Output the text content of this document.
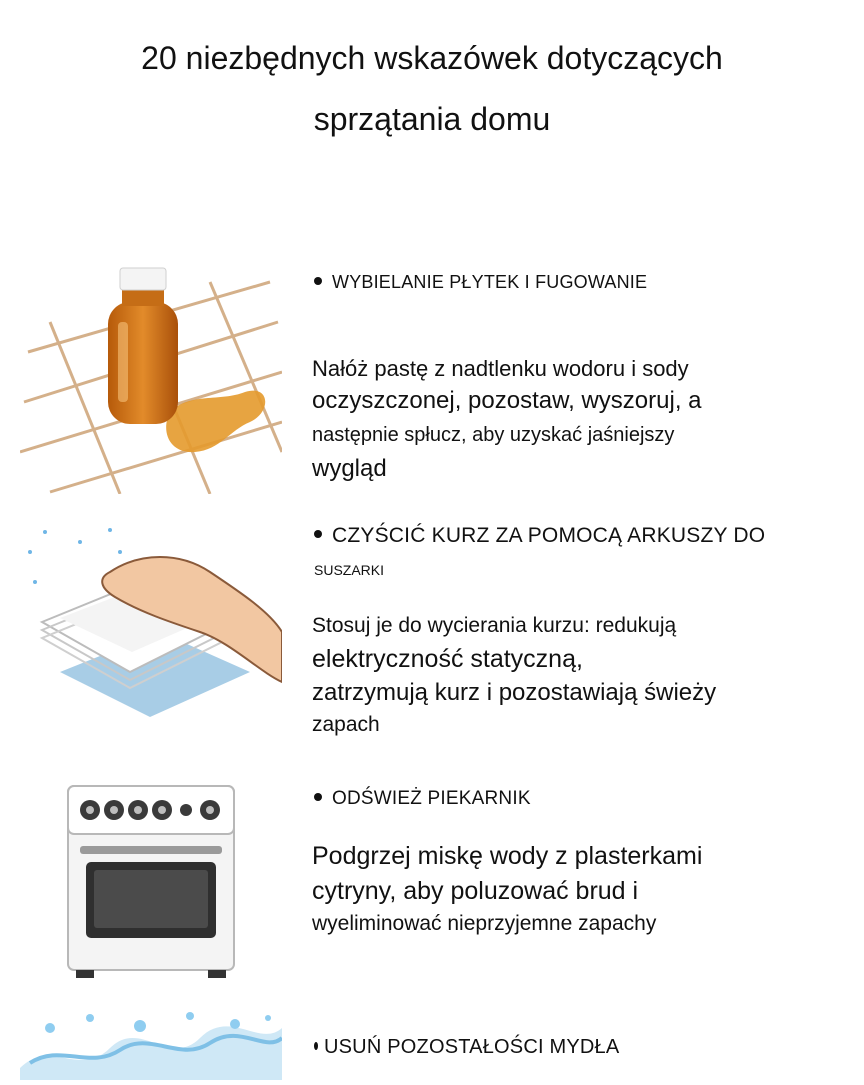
20 niezbędnych wskazówek dotyczących
sprzątania domu
WYBIELANIE PŁYTEK I FUGOWANIE
Nałóż pastę z nadtlenku wodoru i sody
oczyszczonej, pozostaw, wyszoruj, a
następnie spłucz, aby uzyskać jaśniejszy
wygląd
CZYŚCIĆ KURZ ZA POMOCĄ ARKUSZY DO
SUSZARKI
Stosuj je do wycierania kurzu: redukują
elektryczność statyczną,
zatrzymują kurz i pozostawiają świeży
zapach
ODŚWIEŻ PIEKARNIK
Podgrzej miskę wody z plasterkami
cytryny, aby poluzować brud i
wyeliminować nieprzyjemne zapachy
USUŃ POZOSTAŁOŚCI MYDŁA
